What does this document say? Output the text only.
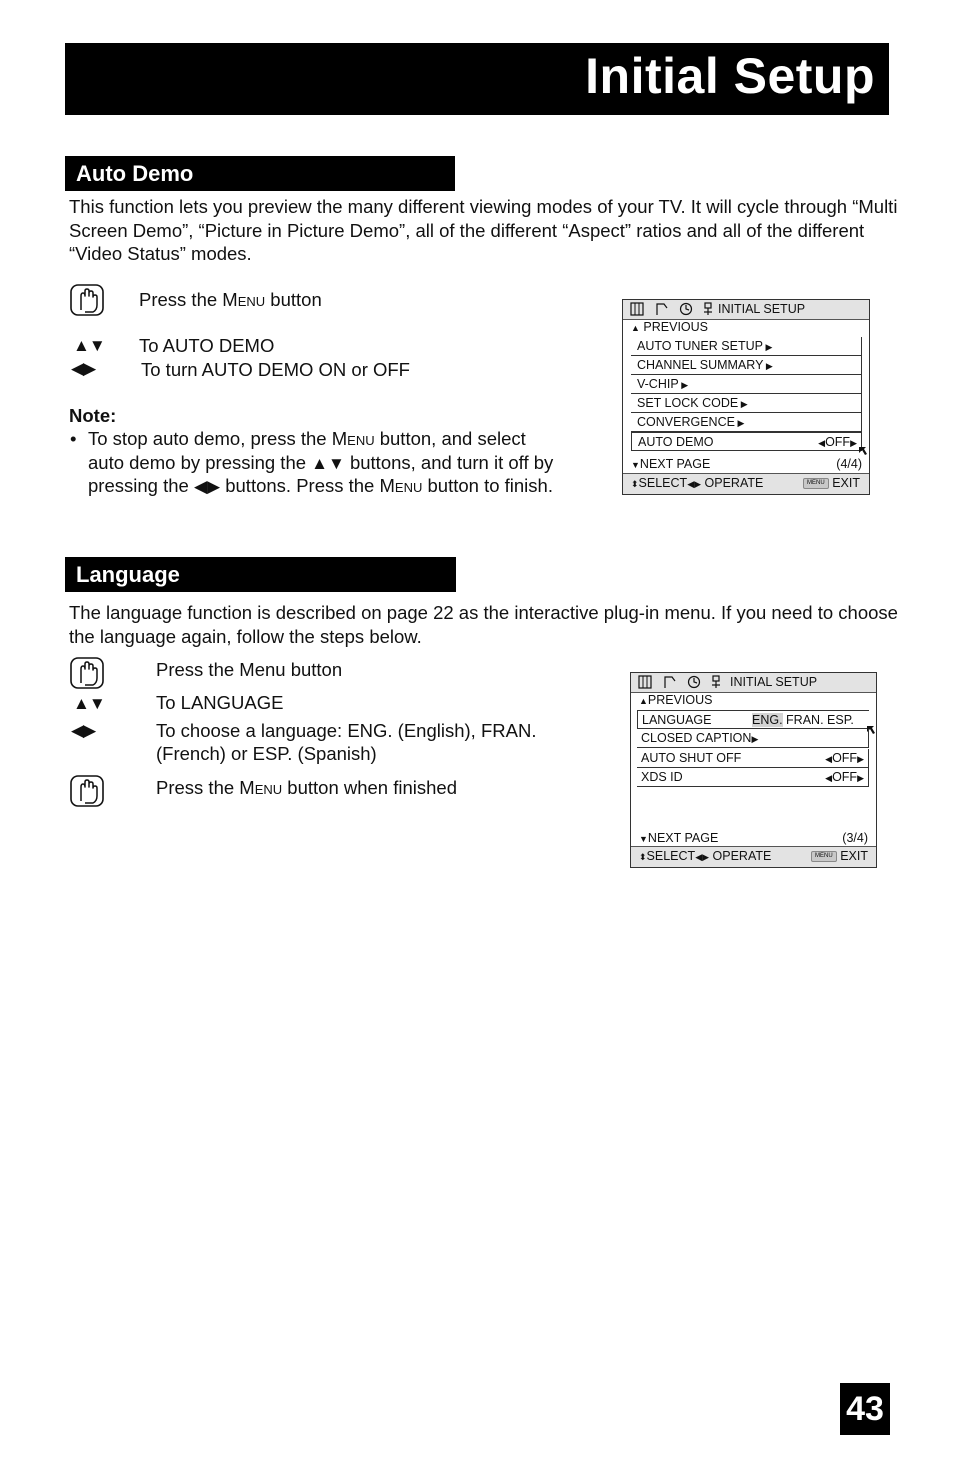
Initial Setup
Auto Demo
This function lets you preview the many different viewing modes of your TV. It will cycle through “Multi Screen Demo”, “Picture in Picture Demo”, all of the different “Aspect” ratios and all of the different “Video Status” modes.
Press the Menu button
▲▼ To AUTO DEMO
◀▶ To turn AUTO DEMO ON or OFF
Note:
• To stop auto demo, press the Menu button, and select
auto demo by pressing the ▲▼ buttons, and turn it off by
pressing the ◀▶ buttons. Press the Menu button to finish.
INITIAL SETUP
▲ PREVIOUS
AUTO TUNER SETUP ▶
CHANNEL SUMMARY ▶
V-CHIP ▶
SET LOCK CODE ▶
CONVERGENCE ▶
AUTO DEMO	◀OFF▶
▼NEXT PAGE	(4/4)
⬍SELECT◀▶ OPERATE	MENU EXIT
Language
The language function is described on page 22 as the interactive plug-in menu. If you need to choose the language again, follow the steps below.
Press the Menu button
▲▼	To LANGUAGE
◀▶	To choose a language: ENG. (English), FRAN.
(French) or ESP. (Spanish)
Press the Menu button when finished
INITIAL SETUP
▲PREVIOUS
LANGUAGE	ENG. FRAN. ESP.
CLOSED CAPTION▶
AUTO SHUT OFF	◀OFF▶
XDS ID	◀OFF▶
▼NEXT PAGE	(3/4)
⬍SELECT◀▶ OPERATE	MENU EXIT
43
